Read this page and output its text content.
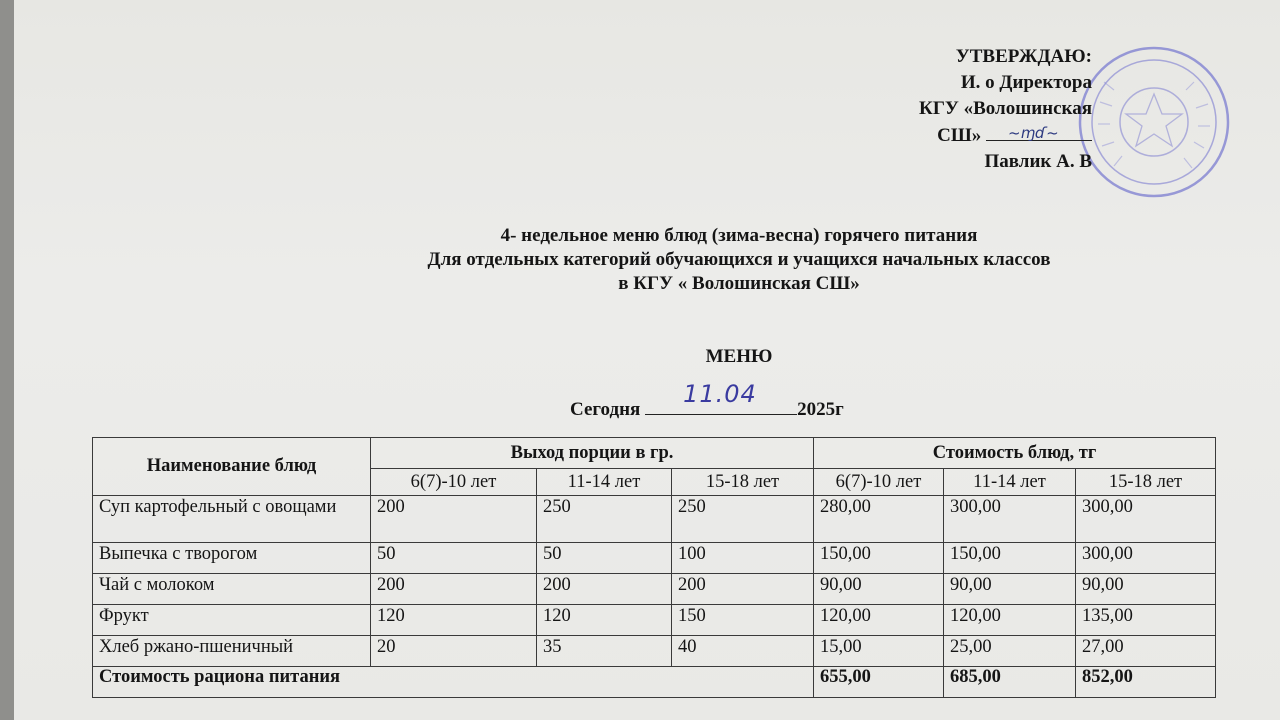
УТВЕРЖДАЮ:
И. о Директора
КГУ «Волошинская
СШ» ~ɱɗ~
Павлик А. В
4- недельное меню блюд (зима-весна) горячего питания
Для отдельных категорий обучающихся и учащихся начальных классов
в КГУ « Волошинская СШ»
МЕНЮ
Сегодня
11.04
2025г
Наименование блюд	Выход порции в гр.			Стоимость блюд, тг		
	6(7)-10 лет	11-14 лет	15-18 лет	6(7)-10 лет	11-14 лет	15-18 лет
Суп картофельный с овощами	200	250	250	280,00	300,00	300,00
Выпечка с творогом	50	50	100	150,00	150,00	300,00
Чай с молоком	200	200	200	90,00	90,00	90,00
Фрукт	120	120	150	120,00	120,00	135,00
Хлеб ржано-пшеничный	20	35	40	15,00	25,00	27,00
Стоимость рациона питания				655,00	685,00	852,00
